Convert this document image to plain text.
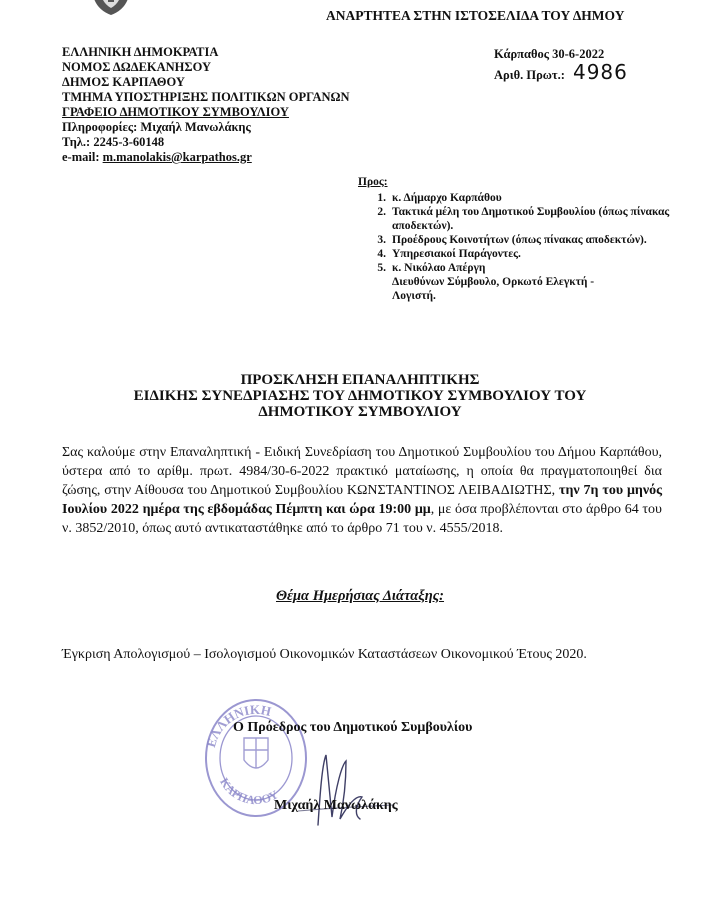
ΑΝΑΡΤΗΤΕΑ ΣΤΗΝ ΙΣΤΟΣΕΛΙΔΑ ΤΟΥ ΔΗΜΟΥ
ΕΛΛΗΝΙΚΗ ΔΗΜΟΚΡΑΤΙΑ
ΝΟΜΟΣ ΔΩΔΕΚΑΝΗΣΟΥ
ΔΗΜΟΣ ΚΑΡΠΑΘΟΥ
ΤΜΗΜΑ ΥΠΟΣΤΗΡΙΞΗΣ ΠΟΛΙΤΙΚΩΝ ΟΡΓΑΝΩΝ
ΓΡΑΦΕΙΟ ΔΗΜΟΤΙΚΟΥ ΣΥΜΒΟΥΛΙΟΥ
Πληροφορίες: Μιχαήλ Μανωλάκης
Τηλ.: 2245-3-60148
e-mail: m.manolakis@karpathos.gr
Κάρπαθος 30-6-2022
Αριθ. Πρωτ.: 4986
Προς:
1. κ. Δήμαρχο Καρπάθου
2. Τακτικά μέλη του Δημοτικού Συμβουλίου (όπως πίνακας αποδεκτών).
3. Προέδρους Κοινοτήτων (όπως πίνακας αποδεκτών).
4. Υπηρεσιακοί Παράγοντες.
5. κ. Νικόλαο Απέργη
Διευθύνων Σύμβουλο, Ορκωτό Ελεγκτή -
Λογιστή.
ΠΡΟΣΚΛΗΣΗ ΕΠΑΝΑΛΗΠΤΙΚΗΣ
ΕΙΔΙΚΗΣ ΣΥΝΕΔΡΙΑΣΗΣ ΤΟΥ ΔΗΜΟΤΙΚΟΥ ΣΥΜΒΟΥΛΙΟΥ ΤΟΥ
ΔΗΜΟΤΙΚΟΥ ΣΥΜΒΟΥΛΙΟΥ
Σας καλούμε στην Επαναληπτική - Ειδική Συνεδρίαση του Δημοτικού Συμβουλίου του Δήμου Καρπάθου, ύστερα από το αρίθμ. πρωτ. 4984/30-6-2022 πρακτικό ματαίωσης, η οποία θα πραγματοποιηθεί δια ζώσης, στην Αίθουσα του Δημοτικού Συμβουλίου ΚΩΝΣΤΑΝΤΙΝΟΣ ΛΕΙΒΑΔΙΩΤΗΣ, την 7η του μηνός Ιουλίου 2022 ημέρα της εβδομάδας Πέμπτη και ώρα 19:00 μμ, με όσα προβλέπονται στο άρθρο 64 του ν. 3852/2010, όπως αυτό αντικαταστάθηκε από το άρθρο 71 του ν. 4555/2018.
Θέμα Ημερήσιας Διάταξης:
Έγκριση Απολογισμού – Ισολογισμού Οικονομικών Καταστάσεων Οικονομικού Έτους 2020.
ΕΛΛΗΝΙΚΗ
ΚΑΡΠΑΘΟΥ
Ο Πρόεδρος του Δημοτικού Συμβουλίου
Μιχαήλ Μανωλάκης
